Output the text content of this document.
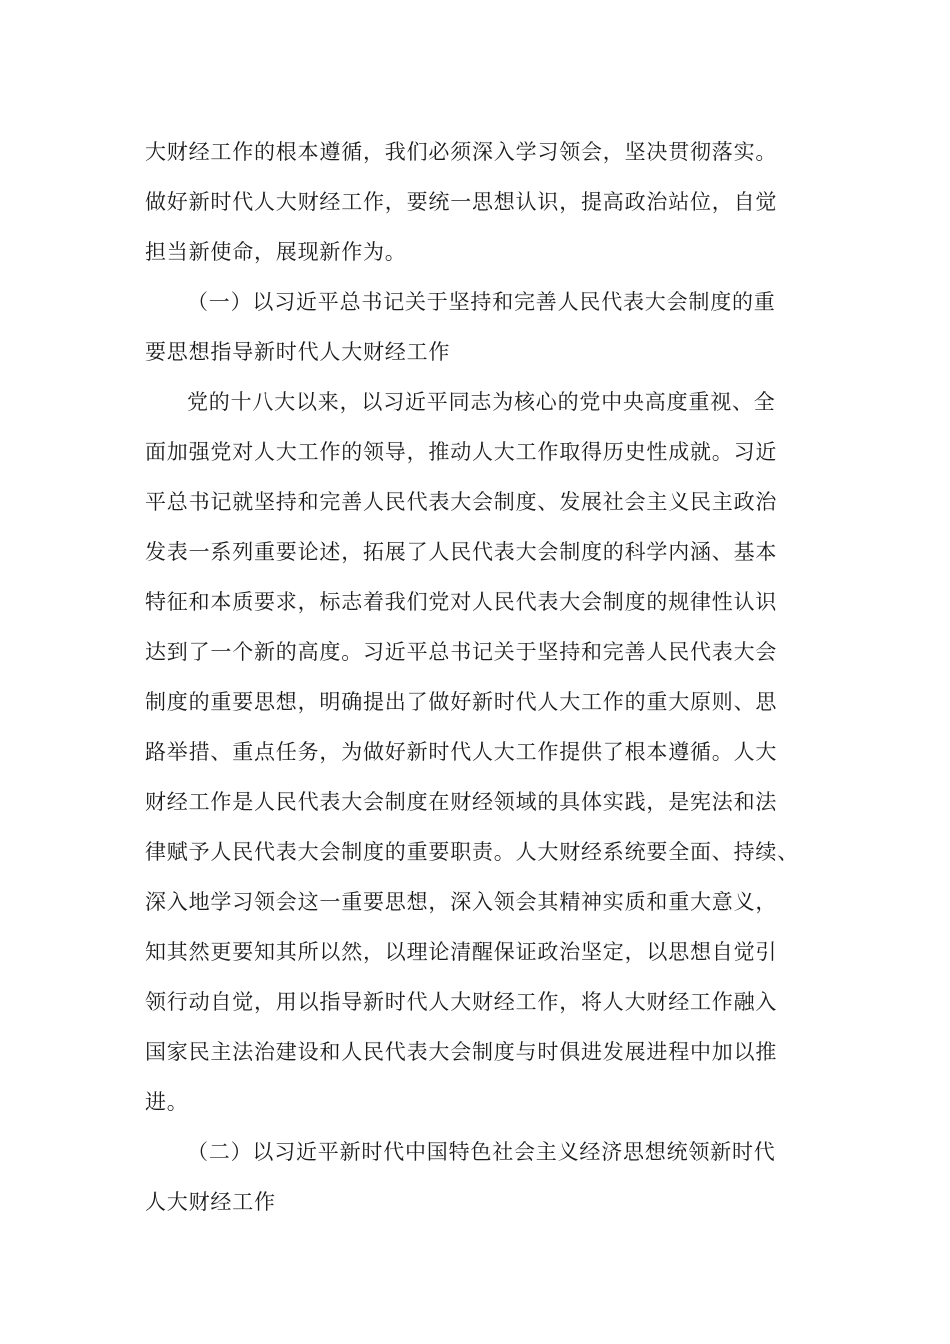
大财经工作的根本遵循，我们必须深入学习领会，坚决贯彻落实。
做好新时代人大财经工作，要统一思想认识，提高政治站位，自觉
担当新使命，展现新作为。
（一）以习近平总书记关于坚持和完善人民代表大会制度的重
要思想指导新时代人大财经工作
党的十八大以来，以习近平同志为核心的党中央高度重视、全
面加强党对人大工作的领导，推动人大工作取得历史性成就。习近
平总书记就坚持和完善人民代表大会制度、发展社会主义民主政治
发表一系列重要论述，拓展了人民代表大会制度的科学内涵、基本
特征和本质要求，标志着我们党对人民代表大会制度的规律性认识
达到了一个新的高度。习近平总书记关于坚持和完善人民代表大会
制度的重要思想，明确提出了做好新时代人大工作的重大原则、思
路举措、重点任务，为做好新时代人大工作提供了根本遵循。人大
财经工作是人民代表大会制度在财经领域的具体实践，是宪法和法
律赋予人民代表大会制度的重要职责。人大财经系统要全面、持续、
深入地学习领会这一重要思想，深入领会其精神实质和重大意义，
知其然更要知其所以然，以理论清醒保证政治坚定，以思想自觉引
领行动自觉，用以指导新时代人大财经工作，将人大财经工作融入
国家民主法治建设和人民代表大会制度与时俱进发展进程中加以推
进。
（二）以习近平新时代中国特色社会主义经济思想统领新时代
人大财经工作
